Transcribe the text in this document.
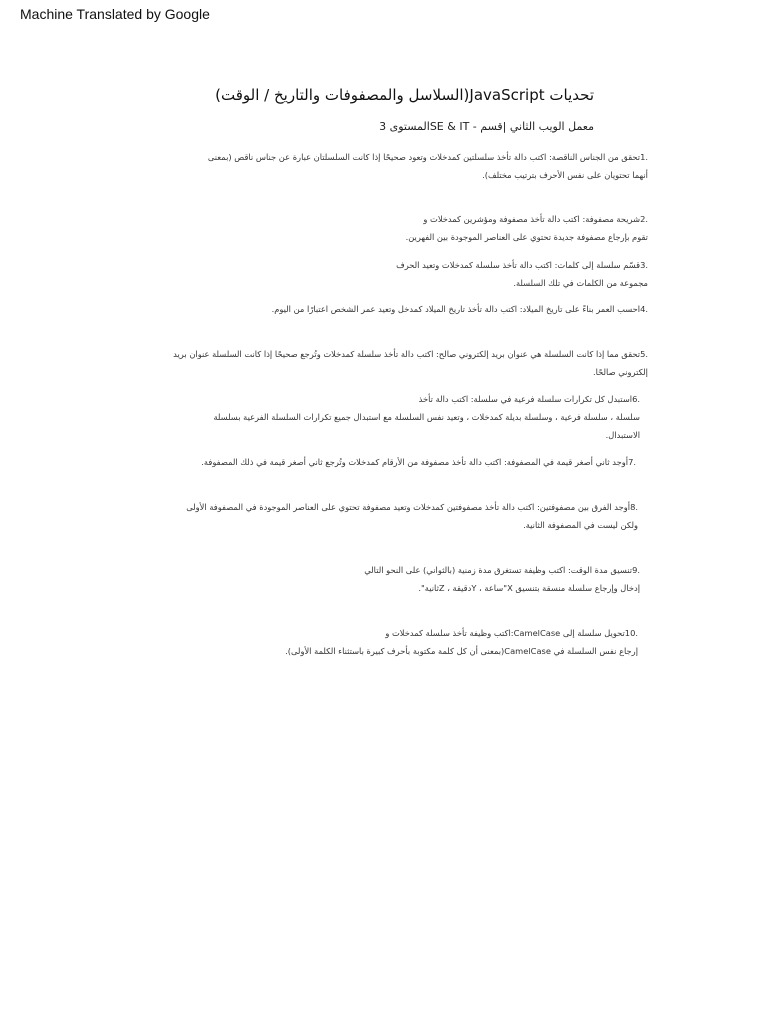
Machine Translated by Google
تحديات JavaScript(السلاسل والمصفوفات والتاريخ / الوقت)
معمل الويب الثاني |قسم - SE & ITالمستوى 3
.1تحقق من الجناس الناقصة: اكتب دالة تأخذ سلسلتين كمدخلات وتعود صحيحًا إذا كانت السلسلتان عبارة عن جناس ناقص (بمعنى
أنهما تحتويان على نفس الأحرف بترتيب مختلف).
.2شريحة مصفوفة: اكتب دالة تأخذ مصفوفة ومؤشرين كمدخلات و
تقوم بإرجاع مصفوفة جديدة تحتوي على العناصر الموجودة بين الفهرين.
.3قسّم سلسلة إلى كلمات: اكتب دالة تأخذ سلسلة كمدخلات وتعيد الحرف
مجموعة من الكلمات في تلك السلسلة.
.4احسب العمر بناءً على تاريخ الميلاد: اكتب دالة تأخذ تاريخ الميلاد كمدخل وتعيد عمر الشخص اعتبارًا من اليوم.
.5تحقق مما إذا كانت السلسلة هي عنوان بريد إلكتروني صالح: اكتب دالة تأخذ سلسلة كمدخلات وتُرجع صحيحًا إذا كانت السلسلة عنوان بريد
إلكتروني صالحًا.
.6استبدل كل تكرارات سلسلة فرعية في سلسلة: اكتب دالة تأخذ
سلسلة ، سلسلة فرعية ، وسلسلة بديلة كمدخلات ، وتعيد نفس السلسلة مع استبدال جميع تكرارات السلسلة الفرعية بسلسلة
الاستبدال.
.7أوجد ثاني أصغر قيمة في المصفوفة: اكتب دالة تأخذ مصفوفة من الأرقام كمدخلات وتُرجع ثاني أصغر قيمة في ذلك المصفوفة.
.8أوجد الفرق بين مصفوفتين: اكتب دالة تأخذ مصفوفتين كمدخلات وتعيد مصفوفة تحتوي على العناصر الموجودة في المصفوفة الأولى
ولكن ليست في المصفوفة الثانية.
.9تنسيق مدة الوقت: اكتب وظيفة تستغرق مدة زمنية (بالثواني) على النحو التالي
إدخال وإرجاع سلسلة منسقة بتنسيق X"ساعة ، Yدقيقة ، Zثانية".
.10تحويل سلسلة إلى CamelCase:اكتب وظيفة تأخذ سلسلة كمدخلات و
إرجاع نفس السلسلة في CamelCase(بمعنى أن كل كلمة مكتوبة بأحرف كبيرة باستثناء الكلمة الأولى).
